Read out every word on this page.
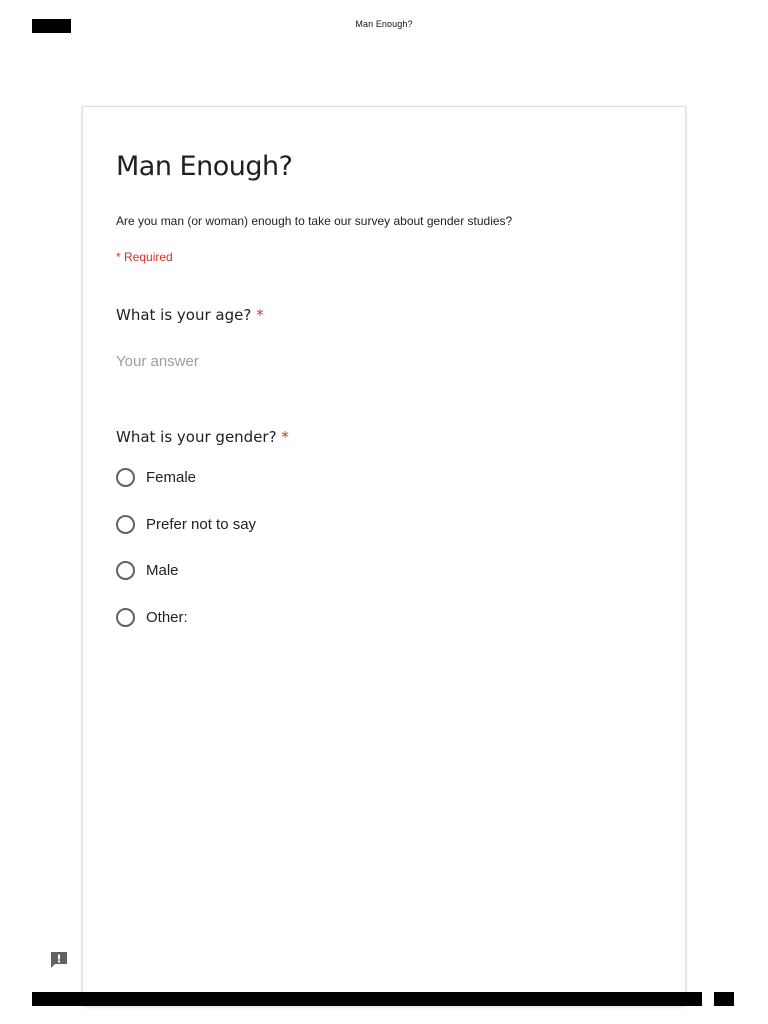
Man Enough?
Man Enough?
Are you man (or woman) enough to take our survey about gender studies?
* Required
What is your age? *
Your answer
What is your gender? *
Female
Prefer not to say
Male
Other:
